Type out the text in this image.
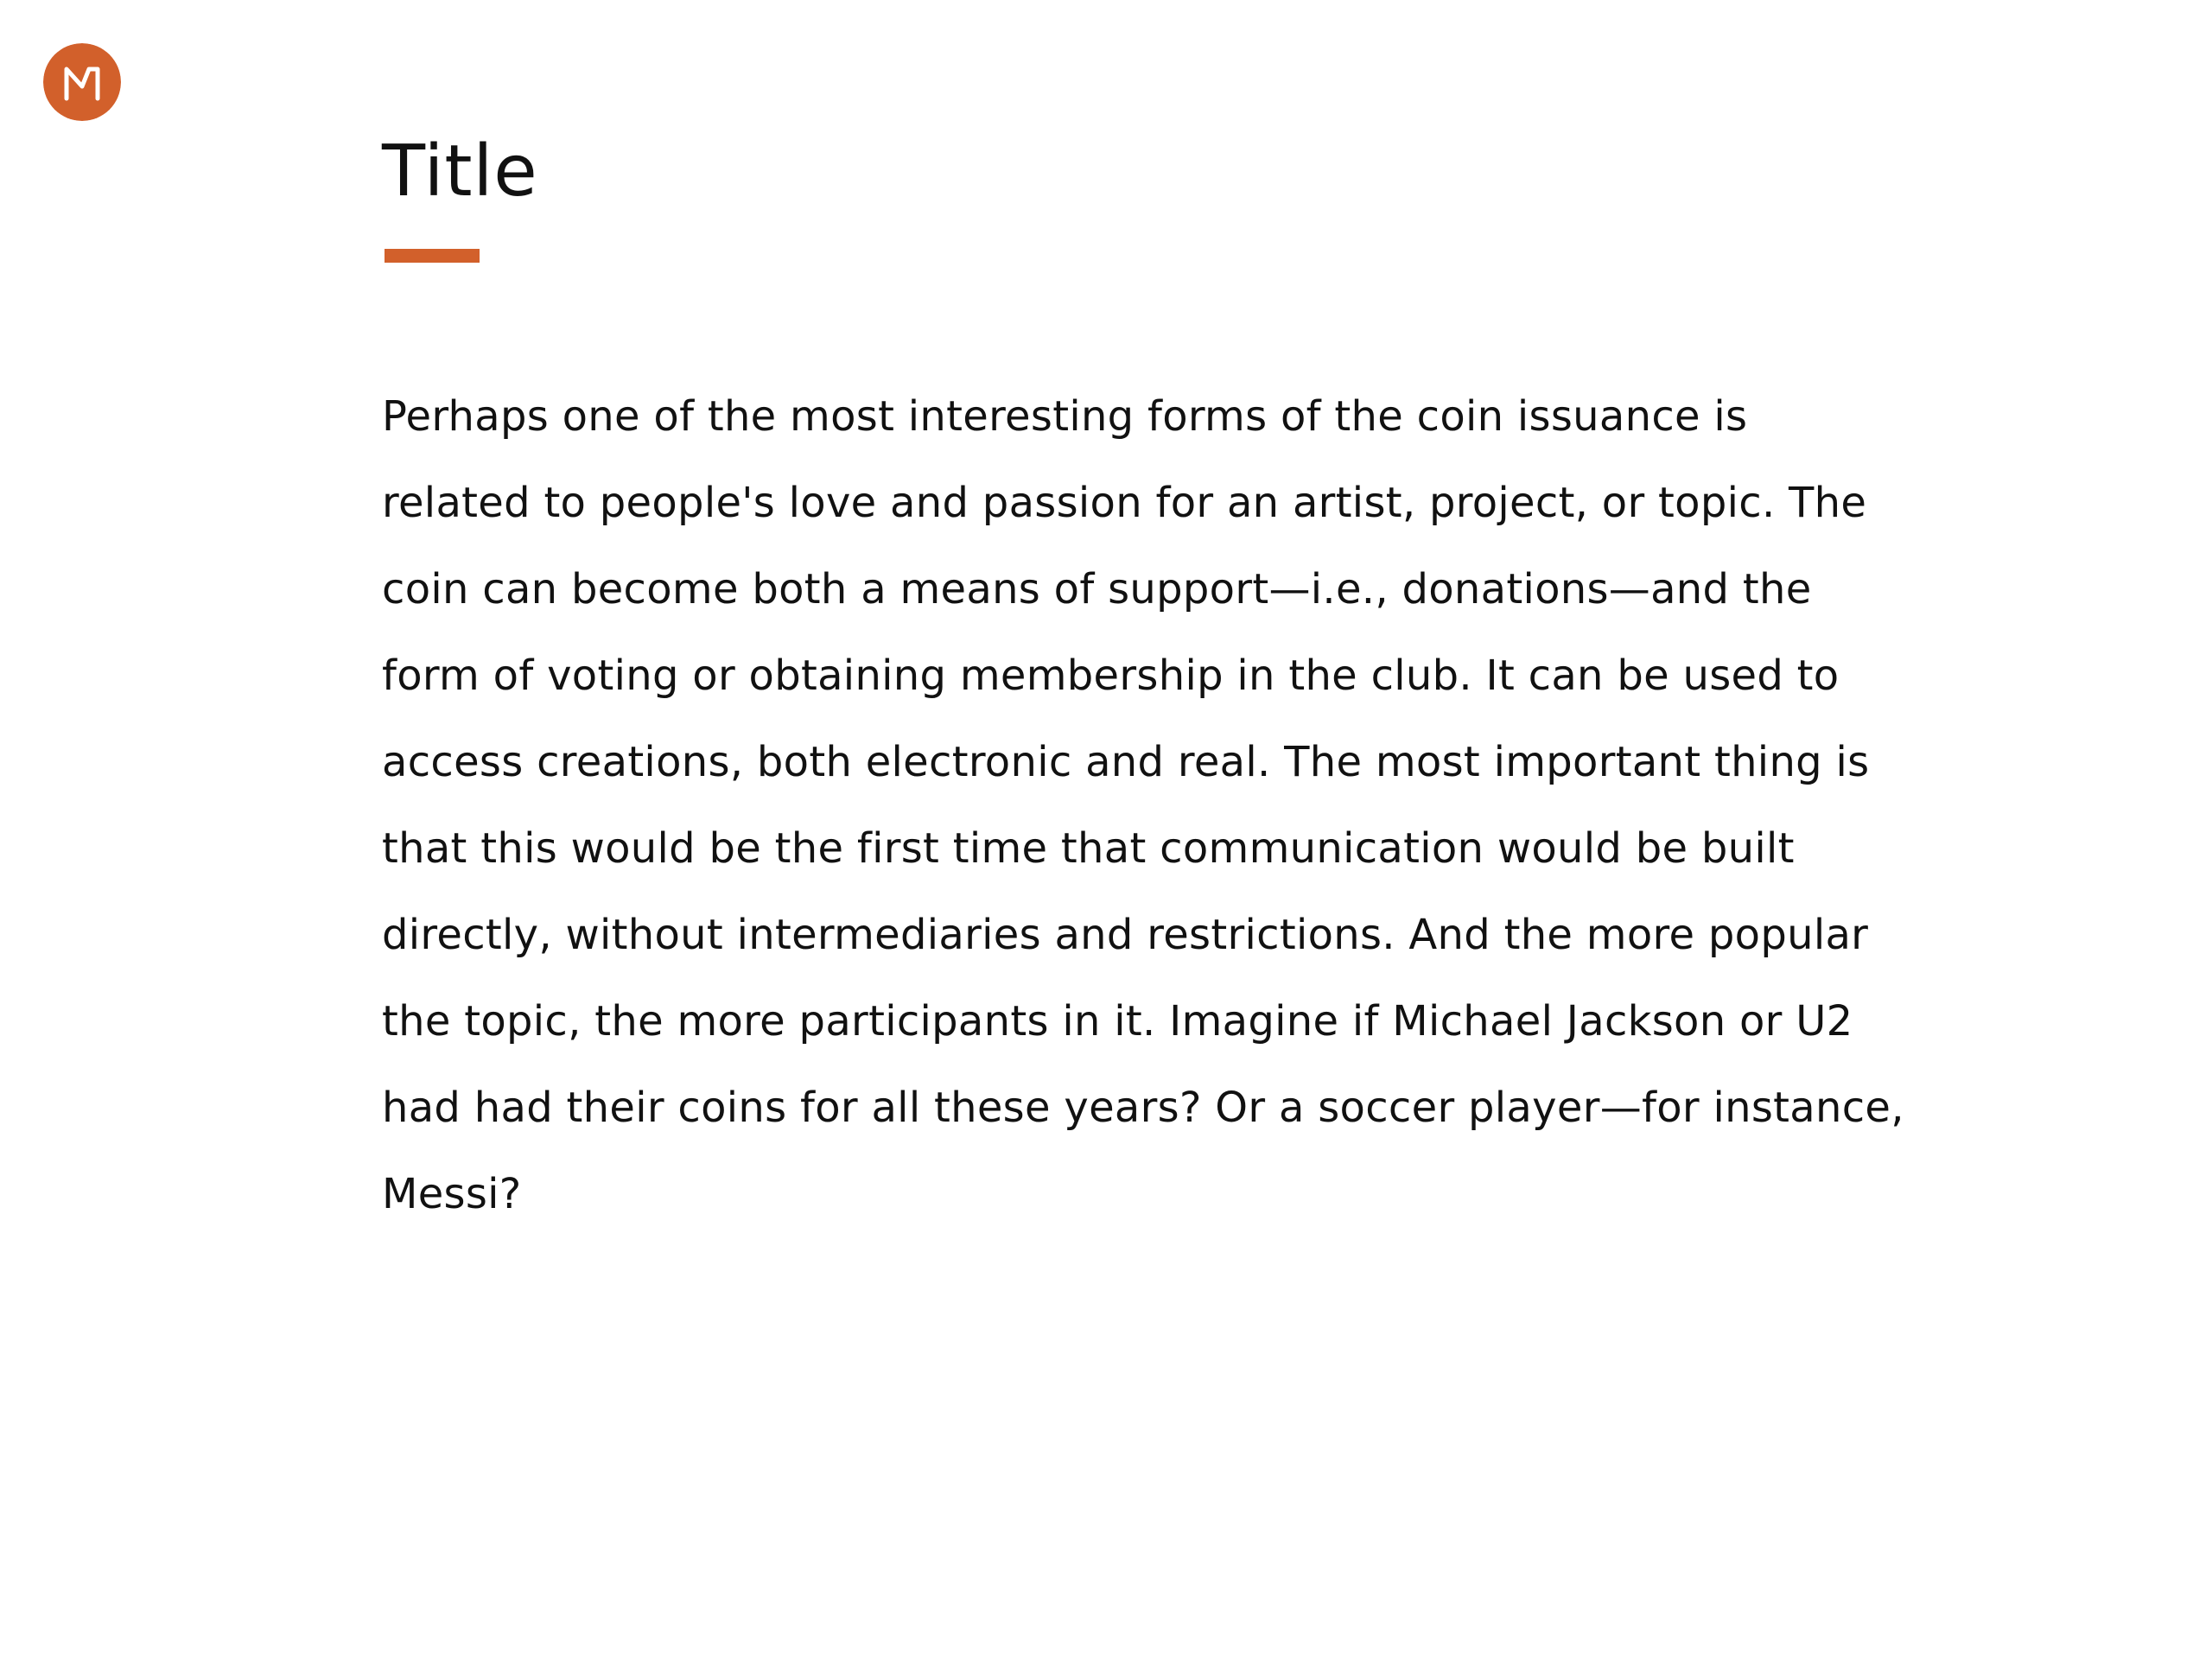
Title

Perhaps one of the most interesting forms of the coin issuance is
related to people's love and passion for an artist, project, or topic. The
coin can become both a means of support—i.e., donations—and the
form of voting or obtaining membership in the club. It can be used to
access creations, both electronic and real. The most important thing is
that this would be the first time that communication would be built
directly, without intermediaries and restrictions. And the more popular
the topic, the more participants in it. Imagine if Michael Jackson or U2
had had their coins for all these years? Or a soccer player—for instance,
Messi?
